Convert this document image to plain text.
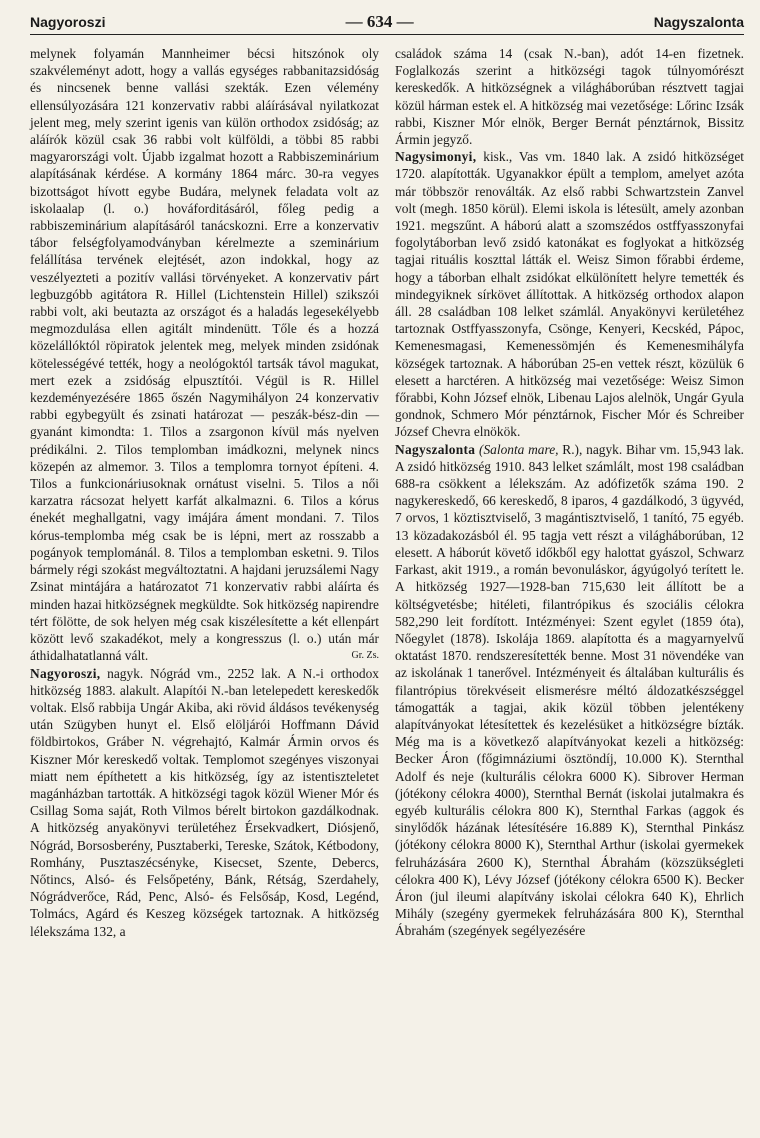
Nagyoroszi	— 634 —	Nagyszalonta

melynek folyamán Mannheimer bécsi hitszónok oly szakvéleményt adott, hogy a vallás egységes rabbanitazsidóság és nincsenek benne vallási szekták. Ezen vélemény ellensúlyozására 121 konzervativ rabbi aláírásával nyilatkozat jelent meg, mely szerint igenis van külön orthodox zsidóság; az aláírók közül csak 36 rabbi volt külföldi, a többi 85 rabbi magyarországi volt. Újabb izgalmat hozott a Rabbiszeminárium alapításának kérdése. A kormány 1864 márc. 30-ra vegyes bizottságot hívott egybe Budára, melynek feladata volt az iskolaalap (l. o.) hováforditásáról, főleg pedig a rabbiszeminárium alapításáról tanácskozni. Erre a konzervativ tábor felségfolyamodványban kérelmezte a szeminárium felállítása tervének elejtését, azon indokkal, hogy az veszélyezteti a pozitív vallási törvényeket. A konzervativ párt legbuzgóbb agitátora R. Hillel (Lichtenstein Hillel) szikszói rabbi volt, aki beutazta az országot és a haladás legesekélyebb megmozdulása ellen agitált mindenütt. Tőle és a hozzá közelállóktól röpiratok jelentek meg, melyek minden zsidónak kötelességévé tették, hogy a neológoktól tartsák távol magukat, mert ezek a zsidóság elpusztítói. Végül is R. Hillel kezdeményezésére 1865 őszén Nagymihályon 24 konzervativ rabbi egybegyült és zsinati határozat — peszák-bész-din — gyanánt kimondta: 1. Tilos a zsargonon kívül más nyelven prédikálni. 2. Tilos templomban imádkozni, melynek nincs közepén az almemor. 3. Tilos a templomra tornyot építeni. 4. Tilos a funkcionáriusoknak ornátust viselni. 5. Tilos a női karzatra rácsozat helyett karfát alkalmazni. 6. Tilos a kórus énekét meghallgatni, vagy imájára áment mondani. 7. Tilos kórus-templomba még csak be is lépni, mert az rosszabb a pogányok templománál. 8. Tilos a templomban esketni. 9. Tilos bármely régi szokást megváltoztatni. A hajdani jeruzsálemi Nagy Zsinat mintájára a határozatot 71 konzervativ rabbi aláírta és minden hazai hitközségnek megküldte. Sok hitközség napirendre tért fölötte, de sok helyen még csak kiszélesítette a két ellenpárt között levő szakadékot, mely a kongresszus (l. o.) után már áthidalhatatlanná vált.	Gr. Zs.

Nagyoroszi, nagyk. Nógrád vm., 2252 lak. A N.-i orthodox hitközség 1883. alakult. Alapítói N.-ban letelepedett kereskedők voltak. Első rabbija Ungár Akiba, aki rövid áldásos tevékenység után Szügyben hunyt el. Első elöljárói Hoffmann Dávid földbirtokos, Gráber N. végrehajtó, Kalmár Ármin orvos és Kiszner Mór kereskedő voltak. Templomot szegényes viszonyai miatt nem építhetett a kis hitközség, így az istentiszteletet magánházban tartották. A hitközségi tagok közül Wiener Mór és Csillag Soma saját, Roth Vilmos bérelt birtokon gazdálkodnak. A hitközség anyakönyvi területéhez Érsekvadkert, Diósjenő, Nógrád, Borsosberény, Pusztaberki, Tereske, Szátok, Kétbodony, Romhány, Pusztaszécsényke, Kisecset, Szente, Debercs, Nőtincs, Alsó- és Felsőpetény, Bánk, Rétság, Szerdahely, Nógrádverőce, Rád, Penc, Alsó- és Felsősáp, Kosd, Legénd, Tolmács, Agárd és Keszeg községek tartoznak. A hitközség lélekszáma 132, a

családok száma 14 (csak N.-ban), adót 14-en fizetnek. Foglalkozás szerint a hitközségi tagok túlnyomórészt kereskedők. A hitközségnek a világháborúban résztvett tagjai közül hárman estek el. A hitközség mai vezetősége: Lőrinc Izsák rabbi, Kiszner Mór elnök, Berger Bernát pénztárnok, Bissitz Ármin jegyző.

Nagysimonyi, kisk., Vas vm. 1840 lak. A zsidó hitközséget 1720. alapították. Ugyanakkor épült a templom, amelyet azóta már többször renoválták. Az első rabbi Schwartzstein Zanvel volt (megh. 1850 körül). Elemi iskola is létesült, amely azonban 1921. megszűnt. A háború alatt a szomszédos ostffyasszonyfai fogolytáborban levő zsidó katonákat es foglyokat a hitközség tagjai rituális koszttal látták el. Weisz Simon főrabbi érdeme, hogy a táborban elhalt zsidókat elkülönített helyre temették és mindegyiknek sírkövet állítottak. A hitközség orthodox alapon áll. 28 családban 108 lelket számlál. Anyakönyvi kerületéhez tartoznak Ostffyasszonyfa, Csönge, Kenyeri, Kecskéd, Pápoc, Kemenesmagasi, Kemenessömjén és Kemenesmihályfa községek tartoznak. A háborúban 25-en vettek részt, közülük 6 elesett a harctéren. A hitközség mai vezetősége: Weisz Simon főrabbi, Kohn József elnök, Libenau Lajos alelnök, Ungár Gyula gondnok, Schmero Mór pénztárnok, Fischer Mór és Schreiber József Chevra elnökök.

Nagyszalonta (Salonta mare, R.), nagyk. Bihar vm. 15,943 lak. A zsidó hitközség 1910. 843 lelket számlált, most 198 családban 688-ra csökkent a lélekszám. Az adófizetők száma 190. 2 nagykereskedő, 66 kereskedő, 8 iparos, 4 gazdálkodó, 3 ügyvéd, 7 orvos, 1 köztisztviselő, 3 magántisztviselő, 1 tanító, 75 egyéb. 13 közadakozásból él. 95 tagja vett részt a világháborúban, 12 elesett. A háborút követő időkből egy halottat gyászol, Schwarz Farkast, akit 1919., a román bevonuláskor, ágyúgolyó terített le. A hitközség 1927—1928-ban 715,630 leit állított be a költségvetésbe; hitéleti, filantrópikus és szociális célokra 582,290 leit fordított. Intézményei: Szent egylet (1859 óta), Nőegylet (1878). Iskolája 1869. alapította és a magyarnyelvű oktatást 1870. rendszeresítették benne. Most 31 növendéke van az iskolának 1 tanerővel. Intézményeit és általában kulturális és filantrópius törekvéseit elismerésre méltó áldozatkészséggel támogatták a tagjai, akik közül többen jelentékeny alapítványokat létesítettek és kezelésüket a hitközségre bízták. Még ma is a következő alapítványokat kezeli a hitközség: Becker Áron (főgimnáziumi ösztöndíj, 10.000 K). Sternthal Adolf és neje (kulturális célokra 6000 K). Sibrover Herman (jótékony célokra 4000), Sternthal Bernát (iskolai jutalmakra és egyéb kulturális célokra 800 K), Sternthal Farkas (aggok és sinylődők házának létesítésére 16.889 K), Sternthal Pinkász (jótékony célokra 8000 K), Sternthal Arthur (iskolai gyermekek felruházására 2600 K), Sternthal Ábrahám (közszükségleti célokra 400 K), Lévy József (jótékony célokra 6500 K). Becker Áron (jul ileumi alapítvány iskolai célokra 640 K), Ehrlich Mihály (szegény gyermekek felruházására 800 K), Sternthal Ábrahám (szegények segélyezésére
